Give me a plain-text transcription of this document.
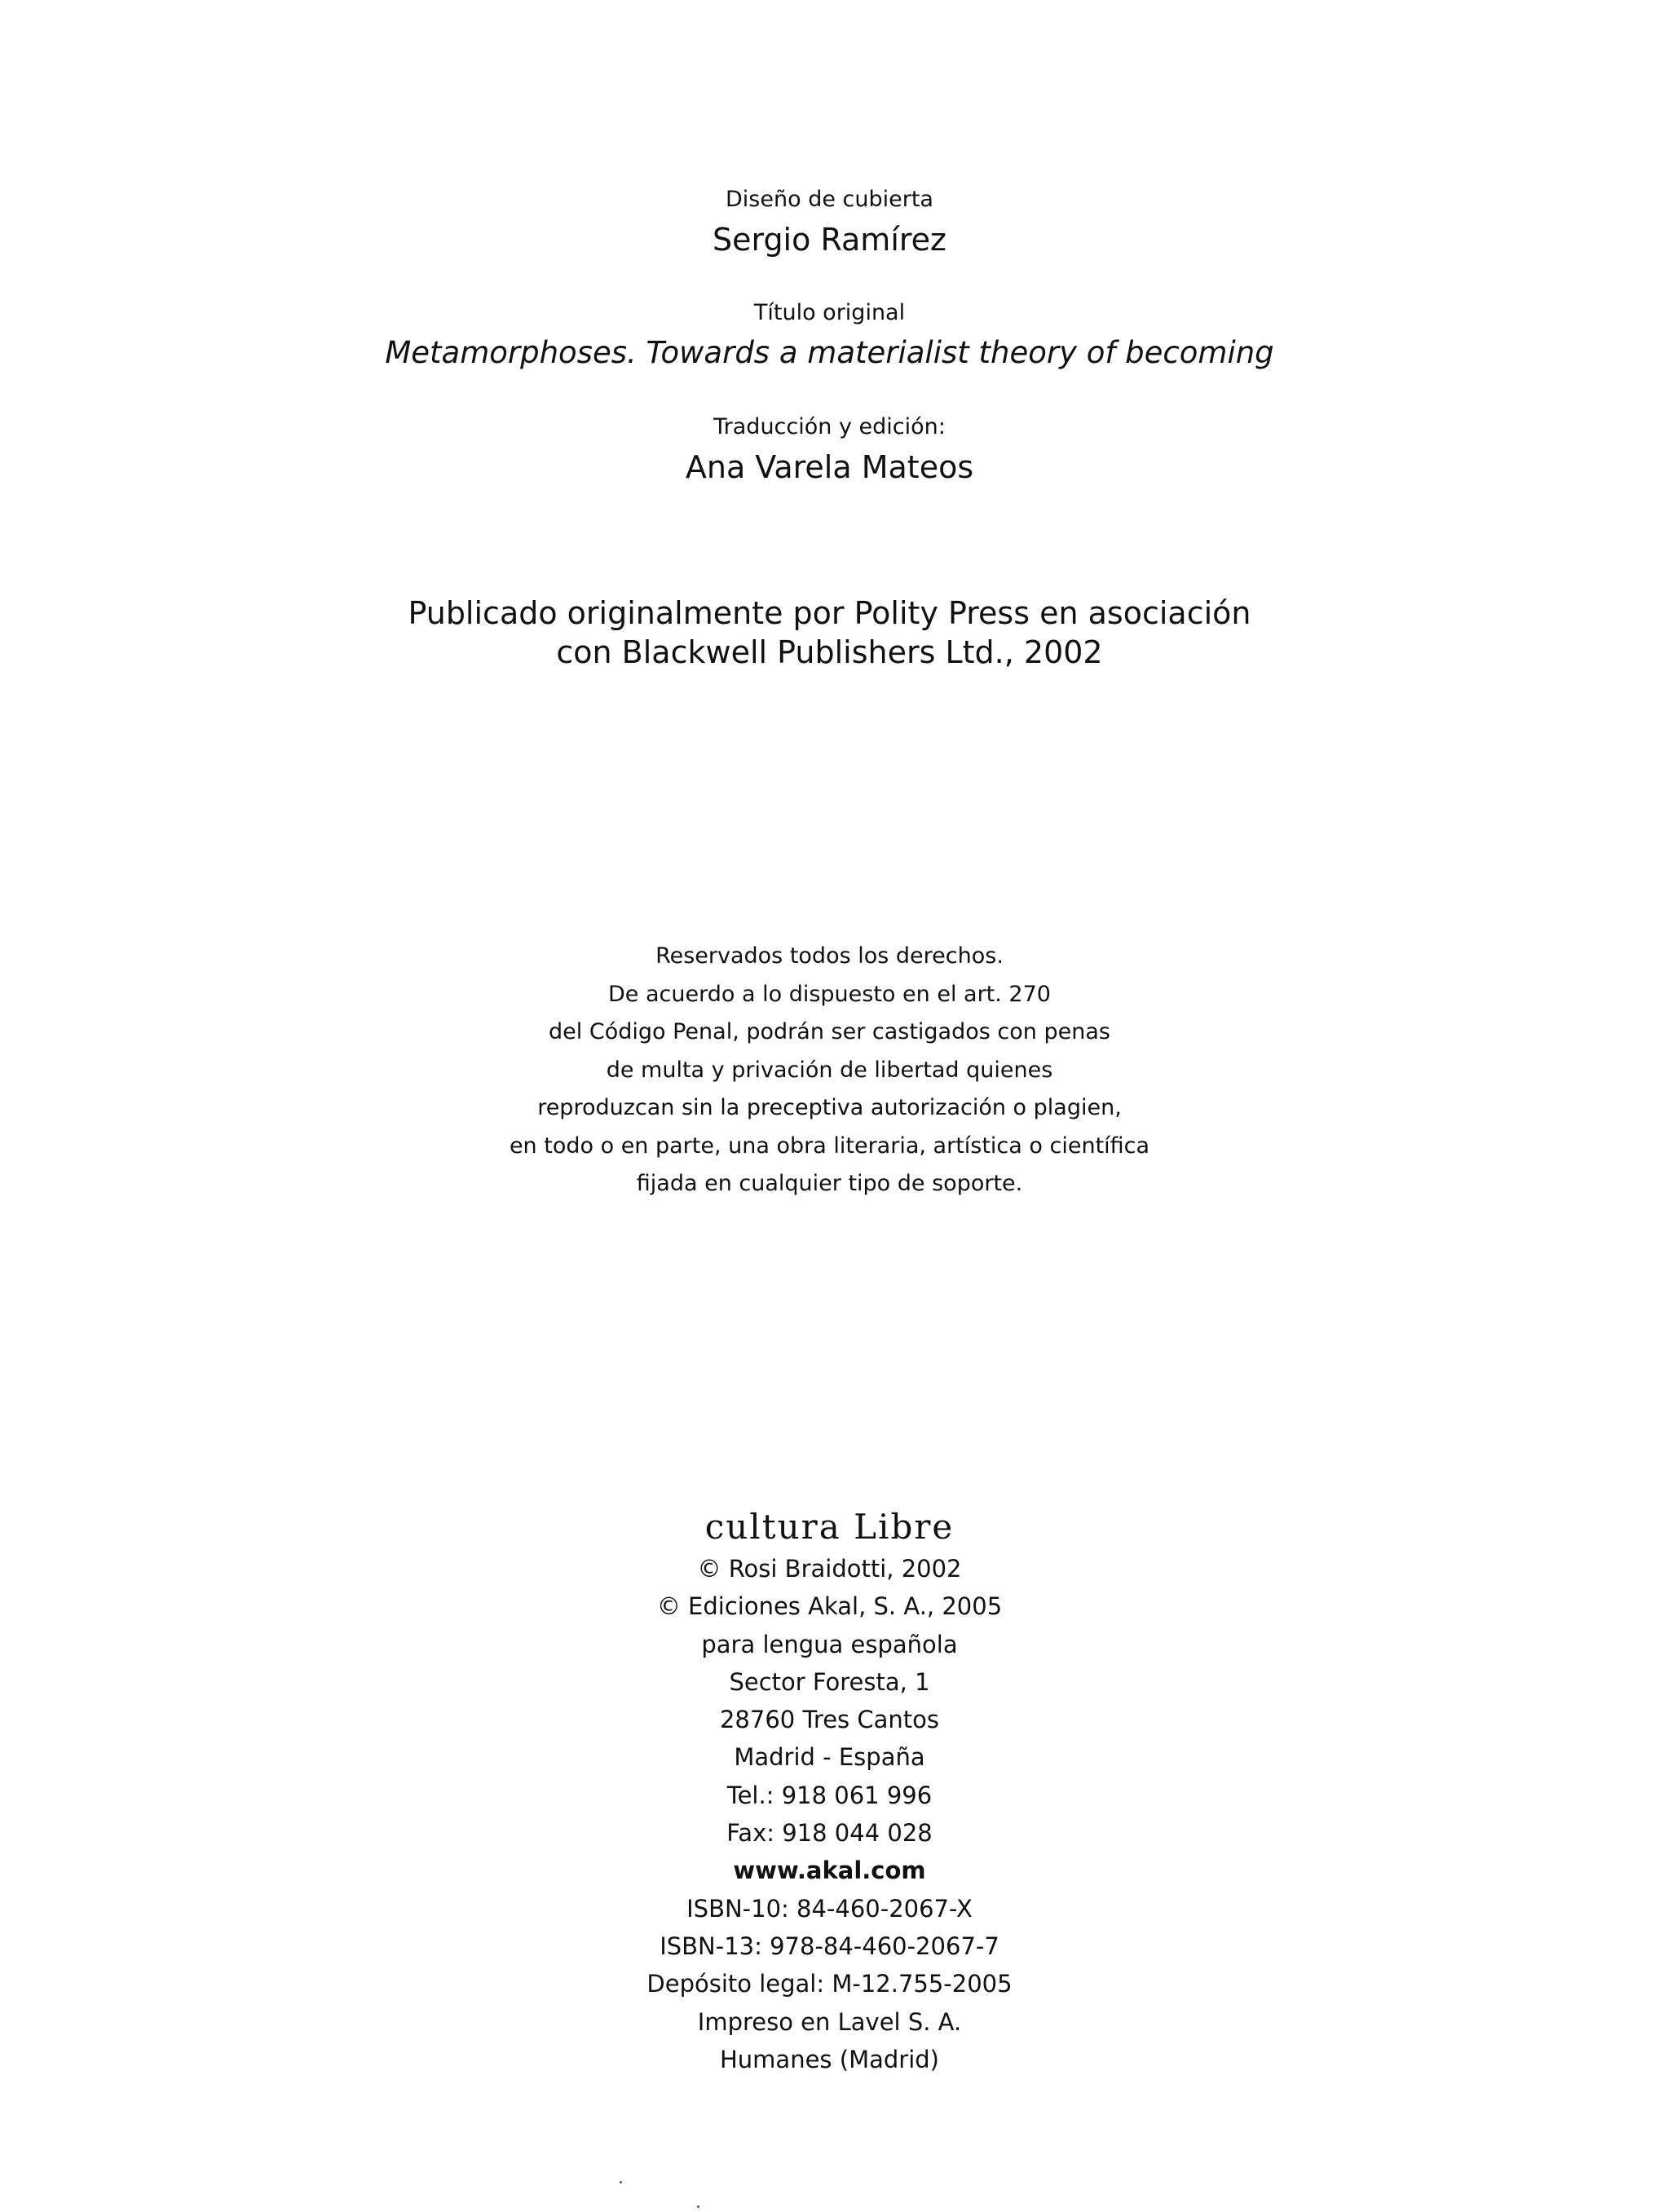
Diseño de cubierta
Sergio Ramírez
Título original
Metamorphoses. Towards a materialist theory of becoming
Traducción y edición:
Ana Varela Mateos
Publicado originalmente por Polity Press en asociación
con Blackwell Publishers Ltd., 2002
Reservados todos los derechos.
De acuerdo a lo dispuesto en el art. 270
del Código Penal, podrán ser castigados con penas
de multa y privación de libertad quienes
reproduzcan sin la preceptiva autorización o plagien,
en todo o en parte, una obra literaria, artística o científica
fijada en cualquier tipo de soporte.
cultura Libre
© Rosi Braidotti, 2002
© Ediciones Akal, S. A., 2005
para lengua española
Sector Foresta, 1
28760 Tres Cantos
Madrid - España
Tel.: 918 061 996
Fax: 918 044 028
www.akal.com
ISBN-10: 84-460-2067-X
ISBN-13: 978-84-460-2067-7
Depósito legal: M-12.755-2005
Impreso en Lavel S. A.
Humanes (Madrid)
